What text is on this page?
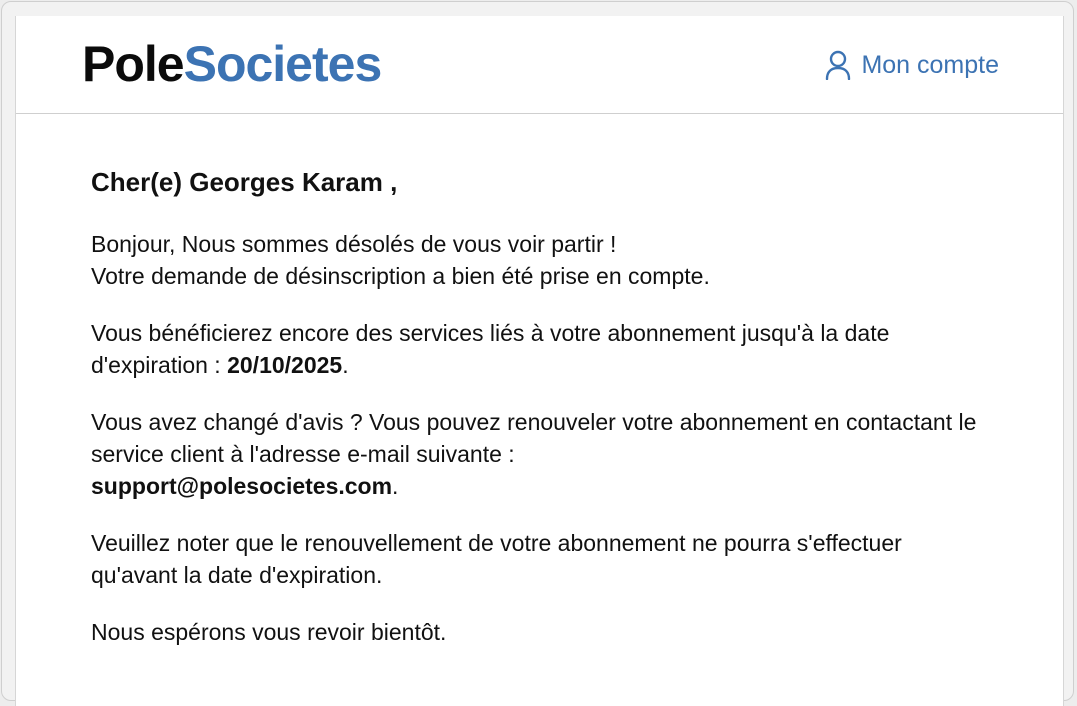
PoleSocietes	Mon compte
Cher(e) Georges Karam ,

Bonjour, Nous sommes désolés de vous voir partir !
Votre demande de désinscription a bien été prise en compte.

Vous bénéficierez encore des services liés à votre abonnement jusqu'à la date d'expiration : 20/10/2025.

Vous avez changé d'avis ? Vous pouvez renouveler votre abonnement en contactant le service client à l'adresse e-mail suivante :
support@polesocietes.com.

Veuillez noter que le renouvellement de votre abonnement ne pourra s'effectuer qu'avant la date d'expiration.

Nous espérons vous revoir bientôt.
